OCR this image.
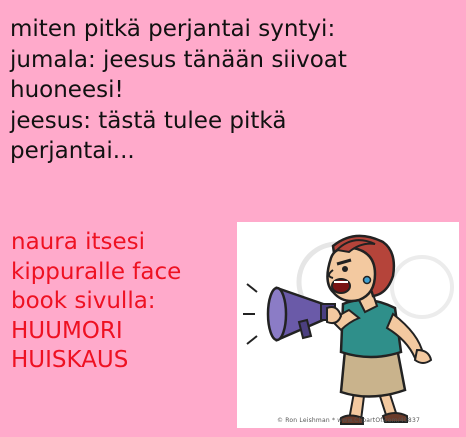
miten pitkä perjantai syntyi:
jumala: jeesus tänään siivoat
huoneesi!
jeesus: tästä tulee pitkä
perjantai...
naura itsesi
kippuralle face
book sivulla:
HUUMORI
HUISKAUS
© Ron Leishman * www.ClipartOf.com/40837
